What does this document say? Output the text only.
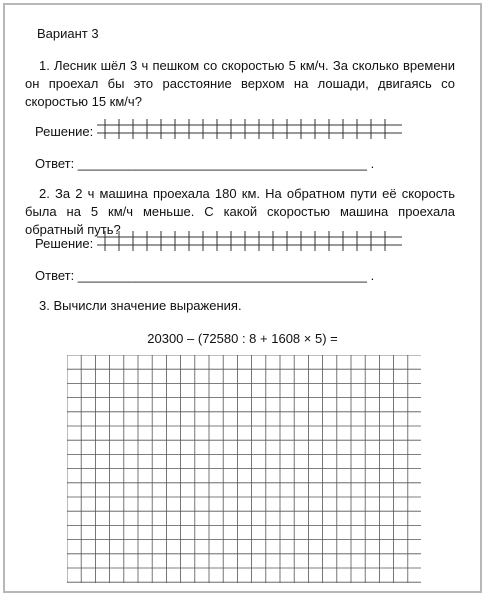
Вариант 3
1. Лесник шёл 3 ч пешком со скоростью 5 км/ч. За сколько времени он проехал бы это расстояние верхом на лошади, двигаясь со скоростью 15 км/ч?
Решение:
Ответ: ________________________________________ .
2. За 2 ч машина проехала 180 км. На обратном пути её скорость была на 5 км/ч меньше. С какой скоростью машина проехала обратный путь?
Решение:
Ответ: ________________________________________ .
3. Вычисли значение выражения.
20300 – (72580 : 8 + 1608 × 5) =
